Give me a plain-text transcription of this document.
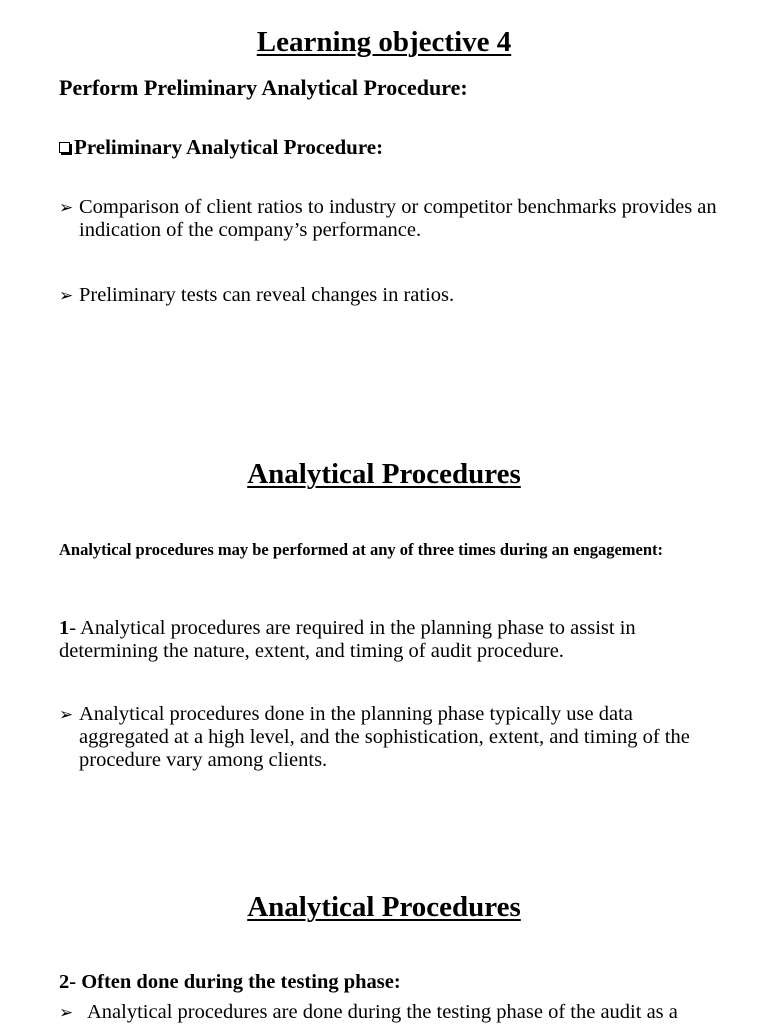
Learning objective 4
Perform Preliminary Analytical Procedure:
Preliminary Analytical Procedure:
➢ Comparison of client ratios to industry or competitor benchmarks provides an indication of the company’s performance.
➢ Preliminary tests can reveal changes in ratios.
Analytical Procedures
Analytical procedures may be performed at any of three times during an engagement:
1- Analytical procedures are required in the planning phase to assist in determining the nature, extent, and timing of audit procedure.
➢ Analytical procedures done in the planning phase typically use data aggregated at a high level, and the sophistication, extent, and timing of the procedure vary among clients.
Analytical Procedures
2- Often done during the testing phase:
➢ Analytical procedures are done during the testing phase of the audit as a
